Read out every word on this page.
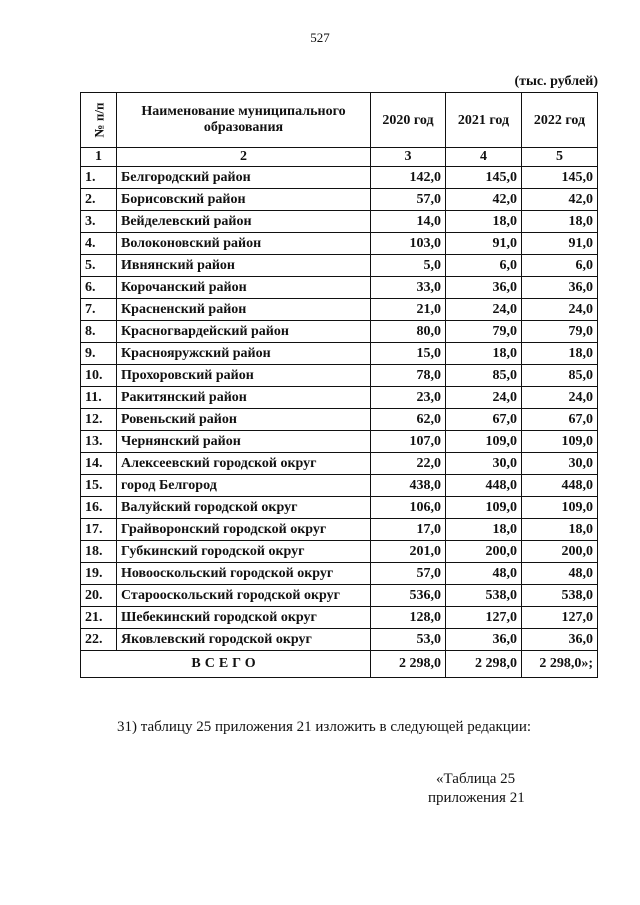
527
(тыс. рублей)
№ п/п	Наименование муниципального образования	2020 год	2021 год	2022 год
1	2	3	4	5
1.	Белгородский район	142,0	145,0	145,0
2.	Борисовский район	57,0	42,0	42,0
3.	Вейделевский район	14,0	18,0	18,0
4.	Волоконовский район	103,0	91,0	91,0
5.	Ивнянский район	5,0	6,0	6,0
6.	Корочанский район	33,0	36,0	36,0
7.	Красненский район	21,0	24,0	24,0
8.	Красногвардейский район	80,0	79,0	79,0
9.	Краснояружский район	15,0	18,0	18,0
10.	Прохоровский район	78,0	85,0	85,0
11.	Ракитянский район	23,0	24,0	24,0
12.	Ровеньский район	62,0	67,0	67,0
13.	Чернянский район	107,0	109,0	109,0
14.	Алексеевский городской округ	22,0	30,0	30,0
15.	город Белгород	438,0	448,0	448,0
16.	Валуйский городской округ	106,0	109,0	109,0
17.	Грайворонский городской округ	17,0	18,0	18,0
18.	Губкинский городской округ	201,0	200,0	200,0
19.	Новооскольский городской округ	57,0	48,0	48,0
20.	Старооскольский городской округ	536,0	538,0	538,0
21.	Шебекинский городской округ	128,0	127,0	127,0
22.	Яковлевский городской округ	53,0	36,0	36,0
ВСЕГО		2 298,0	2 298,0	2 298,0»;
31) таблицу 25 приложения 21 изложить в следующей редакции:
«Таблица 25
приложения 21
